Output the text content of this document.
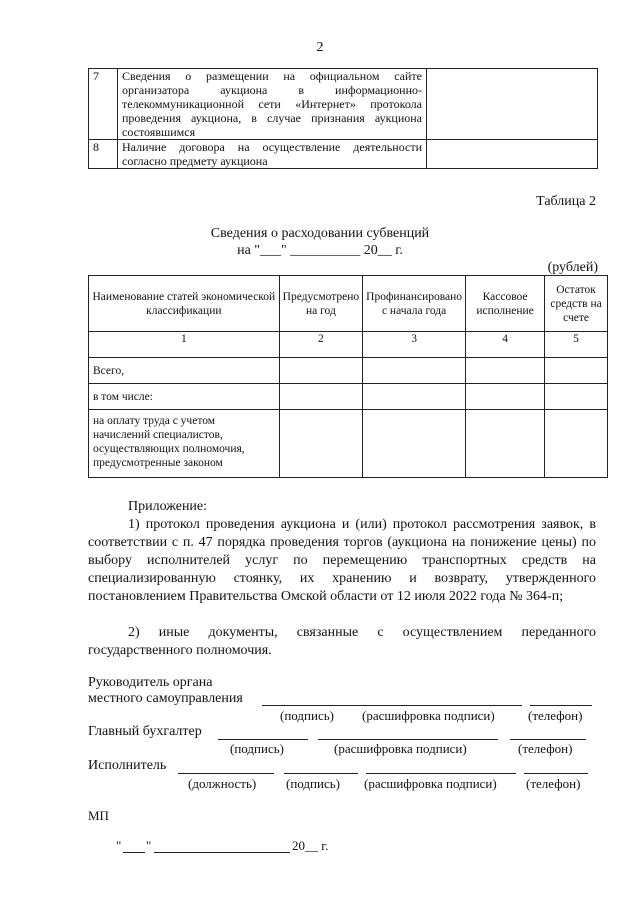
2
7	Сведения о размещении на официальном сайте организатора аукциона в информационно-телекоммуникационной сети «Интернет» протокола проведения аукциона, в случае признания аукциона состоявшимся	
8	Наличие договора на осуществление деятельности согласно предмету аукциона	
Таблица 2
Сведения о расходовании субвенций
на "___" __________ 20__ г.
(рублей)
Наименование статей экономической классификации	Предусмотрено на год	Профинансировано с начала года	Кассовое исполнение	Остаток средств на счете
1	2	3	4	5
Всего,				
в том числе:				
на оплату труда с учетом начислений специалистов, осуществляющих полномочия, предусмотренные законом				
Приложение:
1) протокол проведения аукциона и (или) протокол рассмотрения заявок, в соответствии с п. 47 порядка проведения торгов (аукциона на понижение цены) по выбору исполнителей услуг по перемещению транспортных средств на специализированную стоянку, их хранению и возврату, утвержденного постановлением Правительства Омской области от 12 июля 2022 года № 364-п;
2) иные документы, связанные с осуществлением переданного государственного полномочия.
Руководитель органа
местного самоуправления
(подпись) (расшифровка подписи)	(телефон)
Главный бухгалтер
(подпись)	(расшифровка подписи)	(телефон)
Исполнитель
(должность) (подпись) (расшифровка подписи) (телефон)
МП
" "	20__ г.
